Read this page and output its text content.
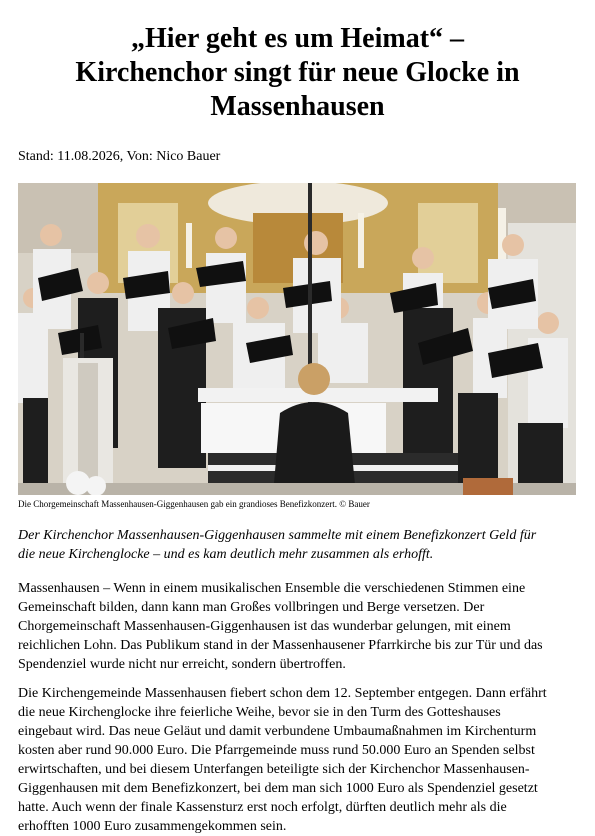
„Hier geht es um Heimat“ –
Kirchenchor singt für neue Glocke in
Massenhausen

Stand: 11.08.2026, Von: Nico Bauer

Die Chorgemeinschaft Massenhausen-Giggenhausen gab ein grandioses Benefizkonzert. © Bauer

Der Kirchenchor Massenhausen-Giggenhausen sammelte mit einem Benefizkonzert Geld für
die neue Kirchenglocke – und es kam deutlich mehr zusammen als erhofft.

Massenhausen – Wenn in einem musikalischen Ensemble die verschiedenen Stimmen eine
Gemeinschaft bilden, dann kann man Großes vollbringen und Berge versetzen. Der
Chorgemeinschaft Massenhausen-Giggenhausen ist das wunderbar gelungen, mit einem
reichlichen Lohn. Das Publikum stand in der Massenhausener Pfarrkirche bis zur Tür und das
Spendenziel wurde nicht nur erreicht, sondern übertroffen.

Die Kirchengemeinde Massenhausen fiebert schon dem 12. September entgegen. Dann erfährt
die neue Kirchenglocke ihre feierliche Weihe, bevor sie in den Turm des Gotteshauses
eingebaut wird. Das neue Geläut und damit verbundene Umbaumaßnahmen im Kirchenturm
kosten aber rund 90.000 Euro. Die Pfarrgemeinde muss rund 50.000 Euro an Spenden selbst
erwirtschaften, und bei diesem Unterfangen beteiligte sich der Kirchenchor Massenhausen-
Giggenhausen mit dem Benefizkonzert, bei dem man sich 1000 Euro als Spendenziel gesetzt
hatte. Auch wenn der finale Kassensturz erst noch erfolgt, dürften deutlich mehr als die
erhofften 1000 Euro zusammengekommen sein.
